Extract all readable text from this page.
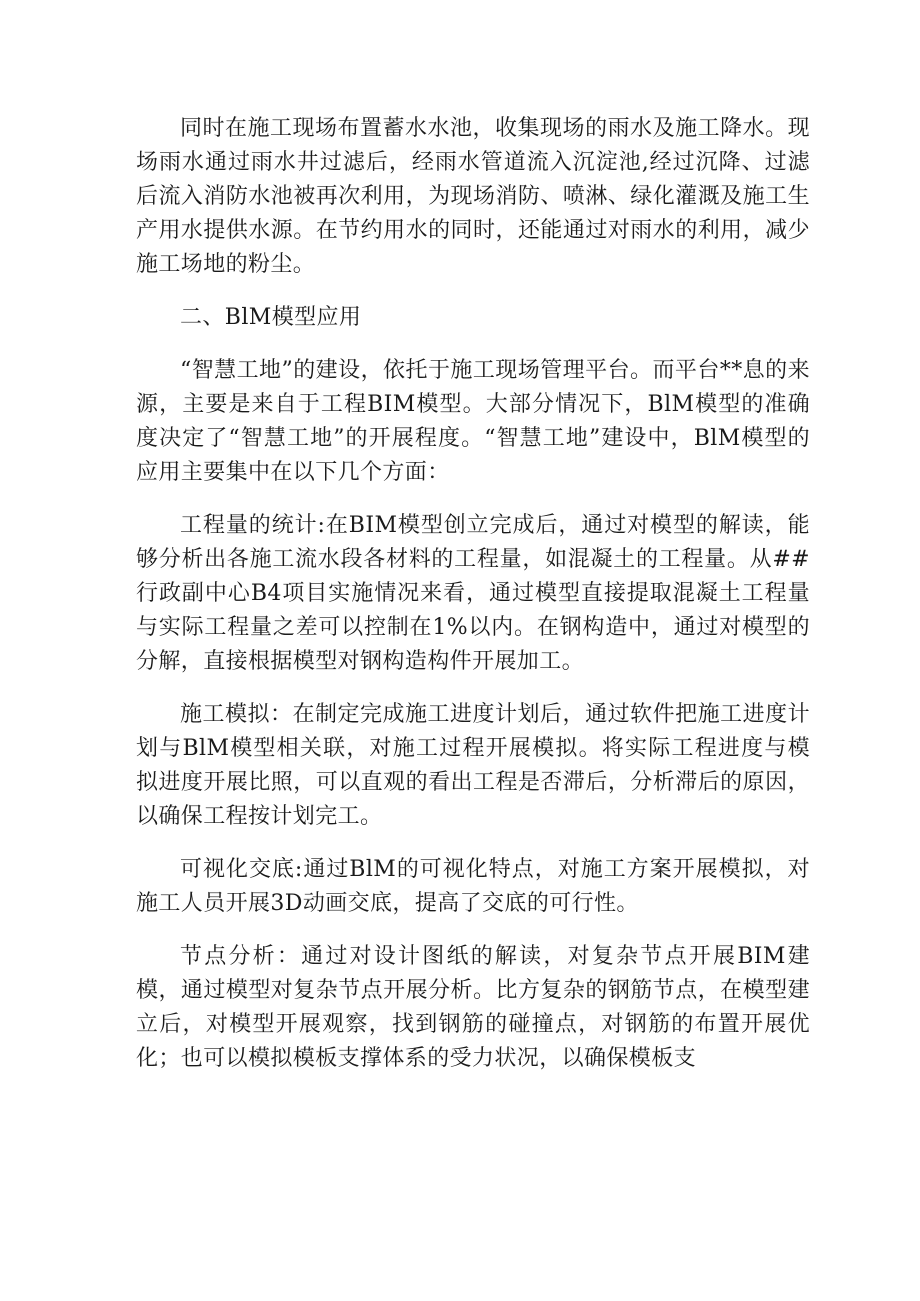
同时在施工现场布置蓄水水池，收集现场的雨水及施工降水。现场雨水通过雨水井过滤后，经雨水管道流入沉淀池,经过沉降、过滤后流入消防水池被再次利用，为现场消防、喷淋、绿化灌溉及施工生产用水提供水源。在节约用水的同时，还能通过对雨水的利用，减少施工场地的粉尘。

二、BlM模型应用

“智慧工地”的建设，依托于施工现场管理平台。而平台**息的来源，主要是来自于工程BIM模型。大部分情况下，BlM模型的准确度决定了“智慧工地”的开展程度。“智慧工地”建设中，BlM模型的应用主要集中在以下几个方面：

工程量的统计:在BIM模型创立完成后，通过对模型的解读，能够分析出各施工流水段各材料的工程量，如混凝土的工程量。从##行政副中心B4项目实施情况来看，通过模型直接提取混凝土工程量与实际工程量之差可以控制在1%以内。在钢构造中，通过对模型的分解，直接根据模型对钢构造构件开展加工。

施工模拟：在制定完成施工进度计划后，通过软件把施工进度计划与BlM模型相关联，对施工过程开展模拟。将实际工程进度与模拟进度开展比照，可以直观的看出工程是否滞后，分析滞后的原因，以确保工程按计划完工。

可视化交底:通过BlM的可视化特点，对施工方案开展模拟，对施工人员开展3D动画交底，提高了交底的可行性。

节点分析：通过对设计图纸的解读，对复杂节点开展BIM建模，通过模型对复杂节点开展分析。比方复杂的钢筋节点，在模型建立后，对模型开展观察，找到钢筋的碰撞点，对钢筋的布置开展优化；也可以模拟模板支撑体系的受力状况，以确保模板支
